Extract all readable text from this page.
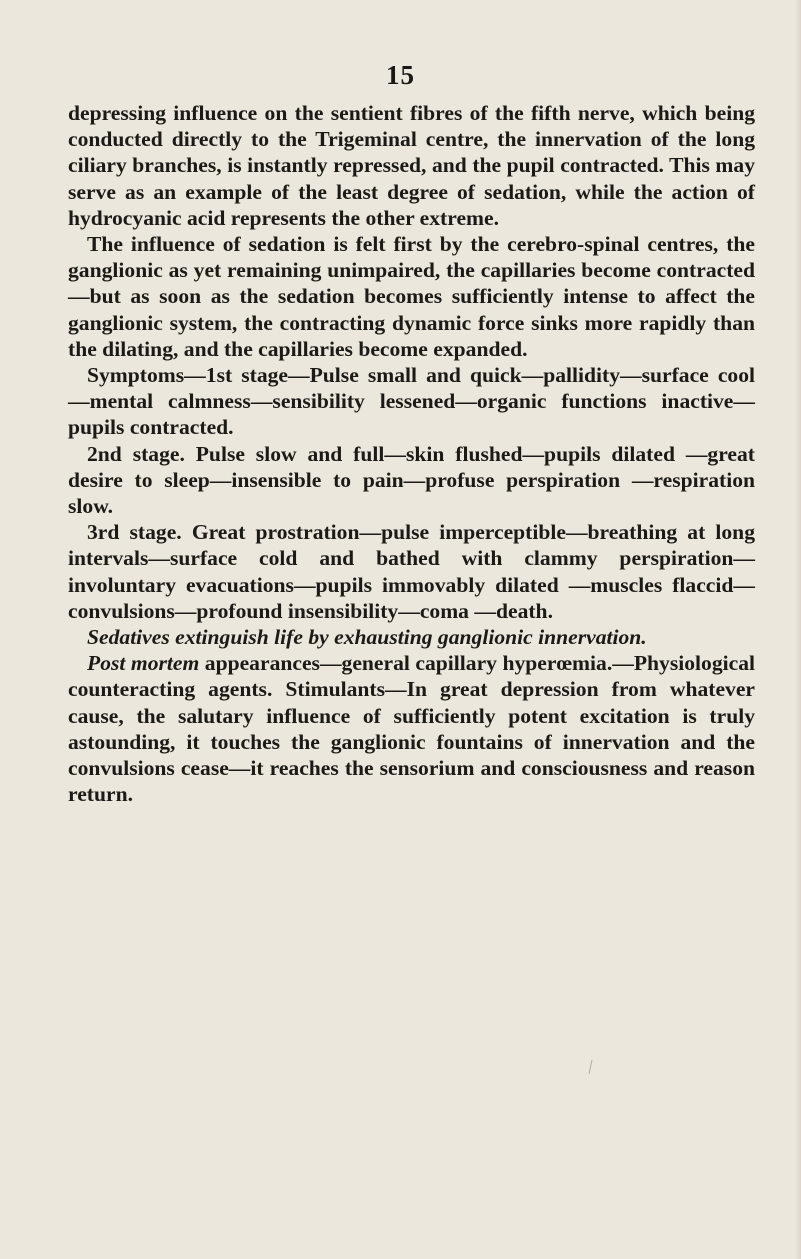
15

depressing influence on the sentient fibres of the fifth nerve, which being conducted directly to the Trigeminal centre, the innervation of the long ciliary branches, is instantly repressed, and the pupil contracted. This may serve as an example of the least degree of sedation, while the action of hydrocyanic acid represents the other extreme.

The influence of sedation is felt first by the cerebro-spinal centres, the ganglionic as yet remaining unimpaired, the capillaries become contracted—but as soon as the sedation becomes sufficiently intense to affect the ganglionic system, the contracting dynamic force sinks more rapidly than the dilating, and the capillaries become expanded.

Symptoms—1st stage—Pulse small and quick—pallidity—surface cool—mental calmness—sensibility lessened—organic functions inactive—pupils contracted.

2nd stage. Pulse slow and full—skin flushed—pupils dilated —great desire to sleep—insensible to pain—profuse perspiration —respiration slow.

3rd stage. Great prostration—pulse imperceptible—breathing at long intervals—surface cold and bathed with clammy perspiration—involuntary evacuations—pupils immovably dilated —muscles flaccid—convulsions—profound insensibility—coma —death.

Sedatives extinguish life by exhausting ganglionic innervation.

Post mortem appearances—general capillary hyperœmia.—Physiological counteracting agents. Stimulants—In great depression from whatever cause, the salutary influence of sufficiently potent excitation is truly astounding, it touches the ganglionic fountains of innervation and the convulsions cease—it reaches the sensorium and consciousness and reason return.
